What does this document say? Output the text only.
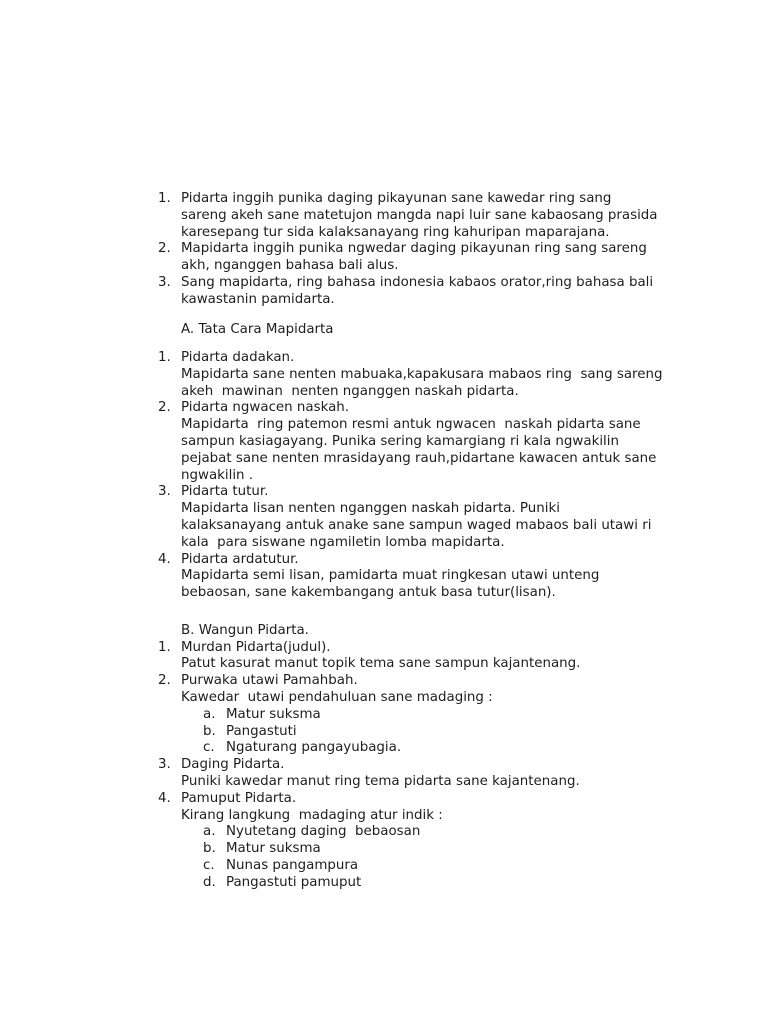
1. Pidarta inggih punika daging pikayunan sane kawedar ring sang
sareng akeh sane matetujon mangda napi luir sane kabaosang prasida
karesepang tur sida kalaksanayang ring kahuripan maparajana.
2. Mapidarta inggih punika ngwedar daging pikayunan ring sang sareng
akh, nganggen bahasa bali alus.
3. Sang mapidarta, ring bahasa indonesia kabaos orator,ring bahasa bali
kawastanin pamidarta.
A. Tata Cara Mapidarta
1. Pidarta dadakan.
Mapidarta sane nenten mabuaka,kapakusara mabaos ring  sang sareng
akeh  mawinan  nenten nganggen naskah pidarta.
2. Pidarta ngwacen naskah.
Mapidarta  ring patemon resmi antuk ngwacen  naskah pidarta sane
sampun kasiagayang. Punika sering kamargiang ri kala ngwakilin
pejabat sane nenten mrasidayang rauh,pidartane kawacen antuk sane
ngwakilin .
3. Pidarta tutur.
Mapidarta lisan nenten nganggen naskah pidarta. Puniki
kalaksanayang antuk anake sane sampun waged mabaos bali utawi ri
kala  para siswane ngamiletin lomba mapidarta.
4. Pidarta ardatutur.
Mapidarta semi lisan, pamidarta muat ringkesan utawi unteng
bebaosan, sane kakembangang antuk basa tutur(lisan).
B. Wangun Pidarta.
1. Murdan Pidarta(judul).
Patut kasurat manut topik tema sane sampun kajantenang.
2. Purwaka utawi Pamahbah.
Kawedar  utawi pendahuluan sane madaging :
a. Matur suksma
b. Pangastuti
c. Ngaturang pangayubagia.
3. Daging Pidarta.
Puniki kawedar manut ring tema pidarta sane kajantenang.
4. Pamuput Pidarta.
Kirang langkung  madaging atur indik :
a. Nyutetang daging  bebaosan
b. Matur suksma
c. Nunas pangampura
d. Pangastuti pamuput
